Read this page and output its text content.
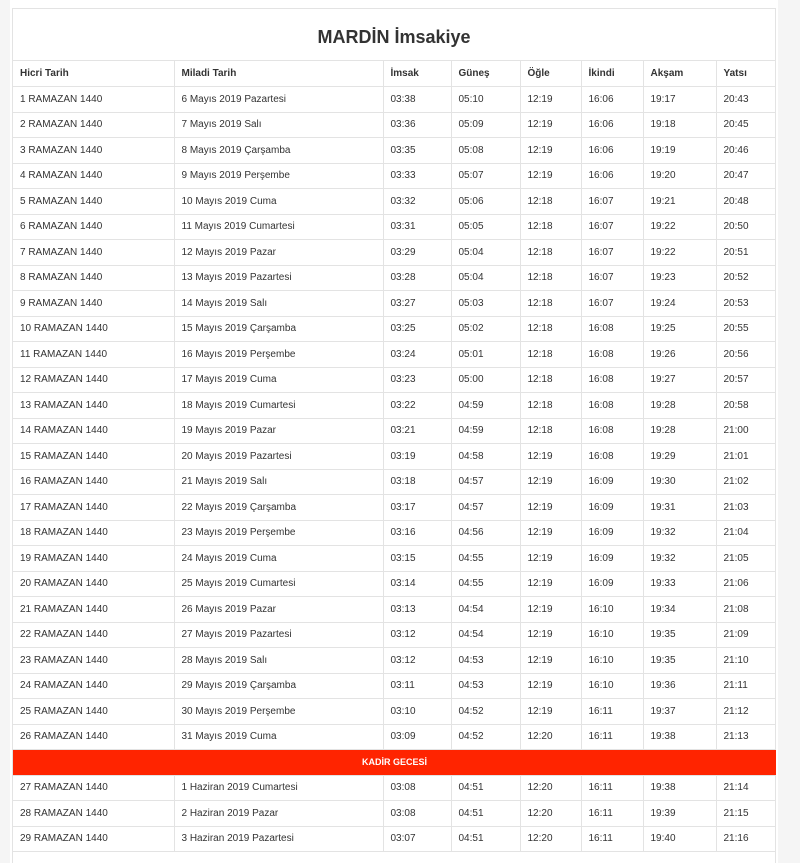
MARDİN İmsakiye
Hicri Tarih	Miladi Tarih	İmsak	Güneş	Öğle	İkindi	Akşam	Yatsı
1 RAMAZAN 1440	6 Mayıs 2019 Pazartesi	03:38	05:10	12:19	16:06	19:17	20:43
2 RAMAZAN 1440	7 Mayıs 2019 Salı	03:36	05:09	12:19	16:06	19:18	20:45
3 RAMAZAN 1440	8 Mayıs 2019 Çarşamba	03:35	05:08	12:19	16:06	19:19	20:46
4 RAMAZAN 1440	9 Mayıs 2019 Perşembe	03:33	05:07	12:19	16:06	19:20	20:47
5 RAMAZAN 1440	10 Mayıs 2019 Cuma	03:32	05:06	12:18	16:07	19:21	20:48
6 RAMAZAN 1440	11 Mayıs 2019 Cumartesi	03:31	05:05	12:18	16:07	19:22	20:50
7 RAMAZAN 1440	12 Mayıs 2019 Pazar	03:29	05:04	12:18	16:07	19:22	20:51
8 RAMAZAN 1440	13 Mayıs 2019 Pazartesi	03:28	05:04	12:18	16:07	19:23	20:52
9 RAMAZAN 1440	14 Mayıs 2019 Salı	03:27	05:03	12:18	16:07	19:24	20:53
10 RAMAZAN 1440	15 Mayıs 2019 Çarşamba	03:25	05:02	12:18	16:08	19:25	20:55
11 RAMAZAN 1440	16 Mayıs 2019 Perşembe	03:24	05:01	12:18	16:08	19:26	20:56
12 RAMAZAN 1440	17 Mayıs 2019 Cuma	03:23	05:00	12:18	16:08	19:27	20:57
13 RAMAZAN 1440	18 Mayıs 2019 Cumartesi	03:22	04:59	12:18	16:08	19:28	20:58
14 RAMAZAN 1440	19 Mayıs 2019 Pazar	03:21	04:59	12:18	16:08	19:28	21:00
15 RAMAZAN 1440	20 Mayıs 2019 Pazartesi	03:19	04:58	12:19	16:08	19:29	21:01
16 RAMAZAN 1440	21 Mayıs 2019 Salı	03:18	04:57	12:19	16:09	19:30	21:02
17 RAMAZAN 1440	22 Mayıs 2019 Çarşamba	03:17	04:57	12:19	16:09	19:31	21:03
18 RAMAZAN 1440	23 Mayıs 2019 Perşembe	03:16	04:56	12:19	16:09	19:32	21:04
19 RAMAZAN 1440	24 Mayıs 2019 Cuma	03:15	04:55	12:19	16:09	19:32	21:05
20 RAMAZAN 1440	25 Mayıs 2019 Cumartesi	03:14	04:55	12:19	16:09	19:33	21:06
21 RAMAZAN 1440	26 Mayıs 2019 Pazar	03:13	04:54	12:19	16:10	19:34	21:08
22 RAMAZAN 1440	27 Mayıs 2019 Pazartesi	03:12	04:54	12:19	16:10	19:35	21:09
23 RAMAZAN 1440	28 Mayıs 2019 Salı	03:12	04:53	12:19	16:10	19:35	21:10
24 RAMAZAN 1440	29 Mayıs 2019 Çarşamba	03:11	04:53	12:19	16:10	19:36	21:11
25 RAMAZAN 1440	30 Mayıs 2019 Perşembe	03:10	04:52	12:19	16:11	19:37	21:12
26 RAMAZAN 1440	31 Mayıs 2019 Cuma	03:09	04:52	12:20	16:11	19:38	21:13
KADİR GECESİ							
27 RAMAZAN 1440	1 Haziran 2019 Cumartesi	03:08	04:51	12:20	16:11	19:38	21:14
28 RAMAZAN 1440	2 Haziran 2019 Pazar	03:08	04:51	12:20	16:11	19:39	21:15
29 RAMAZAN 1440	3 Haziran 2019 Pazartesi	03:07	04:51	12:20	16:11	19:40	21:16
